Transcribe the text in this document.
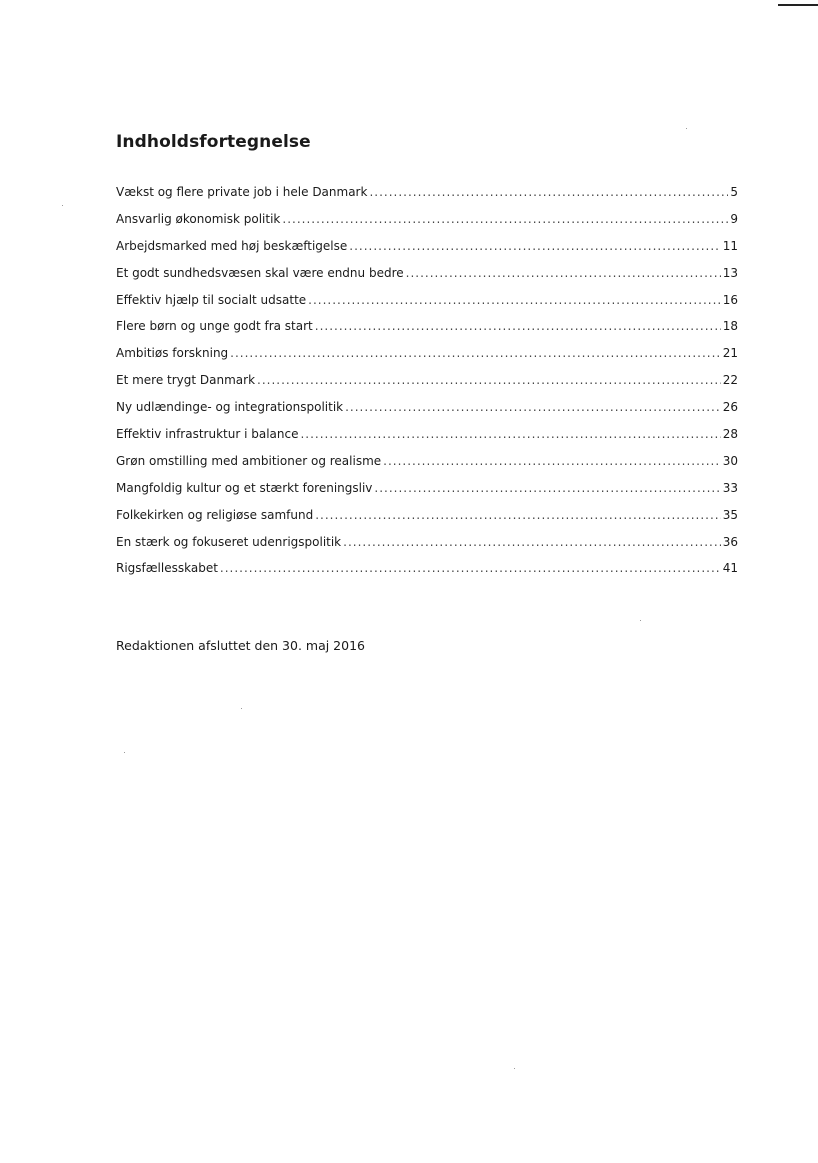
Indholdsfortegnelse
Vækst og flere private job i hele Danmark .....	5
Ansvarlig økonomisk politik .....	9
Arbejdsmarked med høj beskæftigelse .....	11
Et godt sundhedsvæsen skal være endnu bedre .....	13
Effektiv hjælp til socialt udsatte .....	16
Flere børn og unge godt fra start .....	18
Ambitiøs forskning .....	21
Et mere trygt Danmark .....	22
Ny udlændinge- og integrationspolitik .....	26
Effektiv infrastruktur i balance .....	28
Grøn omstilling med ambitioner og realisme .....	30
Mangfoldig kultur og et stærkt foreningsliv .....	33
Folkekirken og religiøse samfund .....	35
En stærk og fokuseret udenrigspolitik .....	36
Rigsfællesskabet .....	41

Redaktionen afsluttet den 30. maj 2016
